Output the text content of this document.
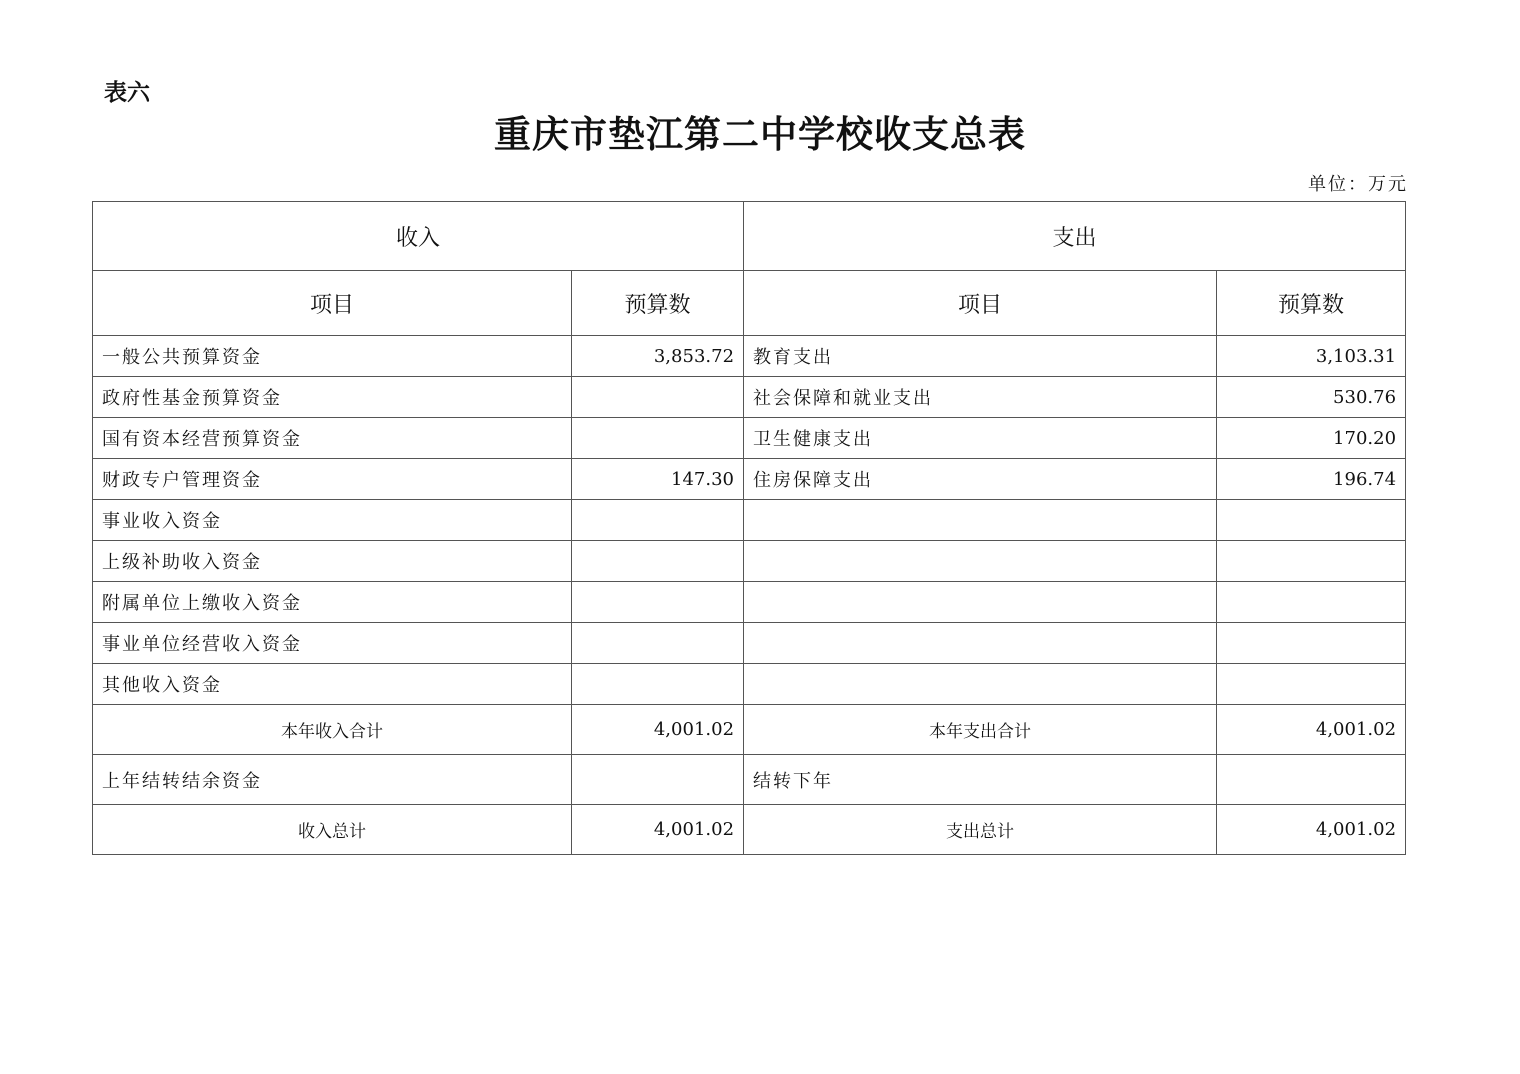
表六
重庆市垫江第二中学校收支总表
单位：万元
收入		支出	
项目	预算数	项目	预算数
一般公共预算资金	3,853.72	教育支出	3,103.31
政府性基金预算资金		社会保障和就业支出	530.76
国有资本经营预算资金		卫生健康支出	170.20
财政专户管理资金	147.30	住房保障支出	196.74
事业收入资金			
上级补助收入资金			
附属单位上缴收入资金			
事业单位经营收入资金			
其他收入资金			
本年收入合计	4,001.02	本年支出合计	4,001.02
上年结转结余资金		结转下年	
收入总计	4,001.02	支出总计	4,001.02
